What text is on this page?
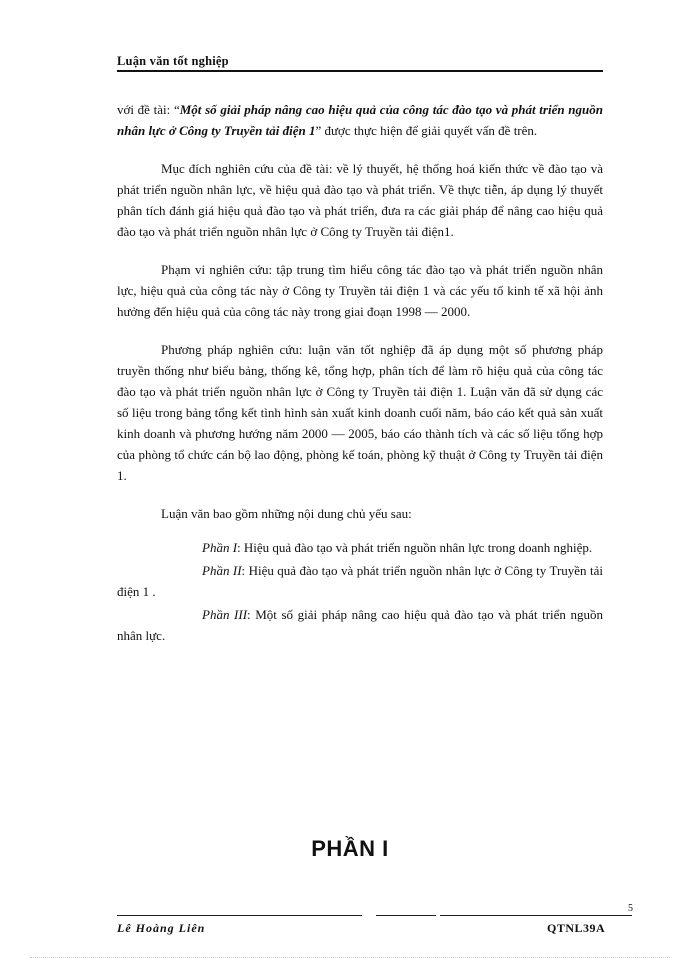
Luận văn tốt nghiệp

với đề tài: “Một số giải pháp nâng cao hiệu quả của công tác đào tạo và phát triển nguồn nhân lực ở Công ty Truyền tải điện 1” được thực hiện để giải quyết vấn đề trên.

Mục đích nghiên cứu của đề tài: về lý thuyết, hệ thống hoá kiến thức về đào tạo và phát triển nguồn nhân lực, về hiệu quả đào tạo và phát triển. Về thực tiễn, áp dụng lý thuyết phân tích đánh giá hiệu quả đào tạo và phát triển, đưa ra các giải pháp để nâng cao hiệu quả đào tạo và phát triển nguồn nhân lực ở Công ty Truyền tải điện1.

Phạm vi nghiên cứu: tập trung tìm hiểu công tác đào tạo và phát triển nguồn nhân lực, hiệu quả của công tác này ở Công ty Truyền tải điện 1 và các yếu tố kinh tế xã hội ảnh hưởng đến hiệu quả của công tác này trong giai đoạn 1998 — 2000.

Phương pháp nghiên cứu: luận văn tốt nghiệp đã áp dụng một số phương pháp truyền thống như biểu bảng, thống kê, tổng hợp, phân tích để làm rõ hiệu quả của công tác đào tạo và phát triển nguồn nhân lực ở Công ty Truyền tải điện 1. Luận văn đã sử dụng các số liệu trong bảng tổng kết tình hình sản xuất kinh doanh cuối năm, báo cáo kết quả sản xuất kinh doanh và phương hướng năm 2000 — 2005, báo cáo thành tích và các số liệu tổng hợp của phòng tổ chức cán bộ lao động, phòng kế toán, phòng kỹ thuật ở Công ty Truyền tải điện 1.

Luận văn bao gồm những nội dung chủ yếu sau:

Phần I: Hiệu quả đào tạo và phát triển nguồn nhân lực trong doanh nghiệp.

Phần II: Hiệu quả đào tạo và phát triển nguồn nhân lực ở Công ty Truyền tải điện 1 .

Phần III: Một số giải pháp nâng cao hiệu quả đào tạo và phát triển nguồn nhân lực.

PHẦN I
5
Lê Hoàng Liên	QTNL39A
